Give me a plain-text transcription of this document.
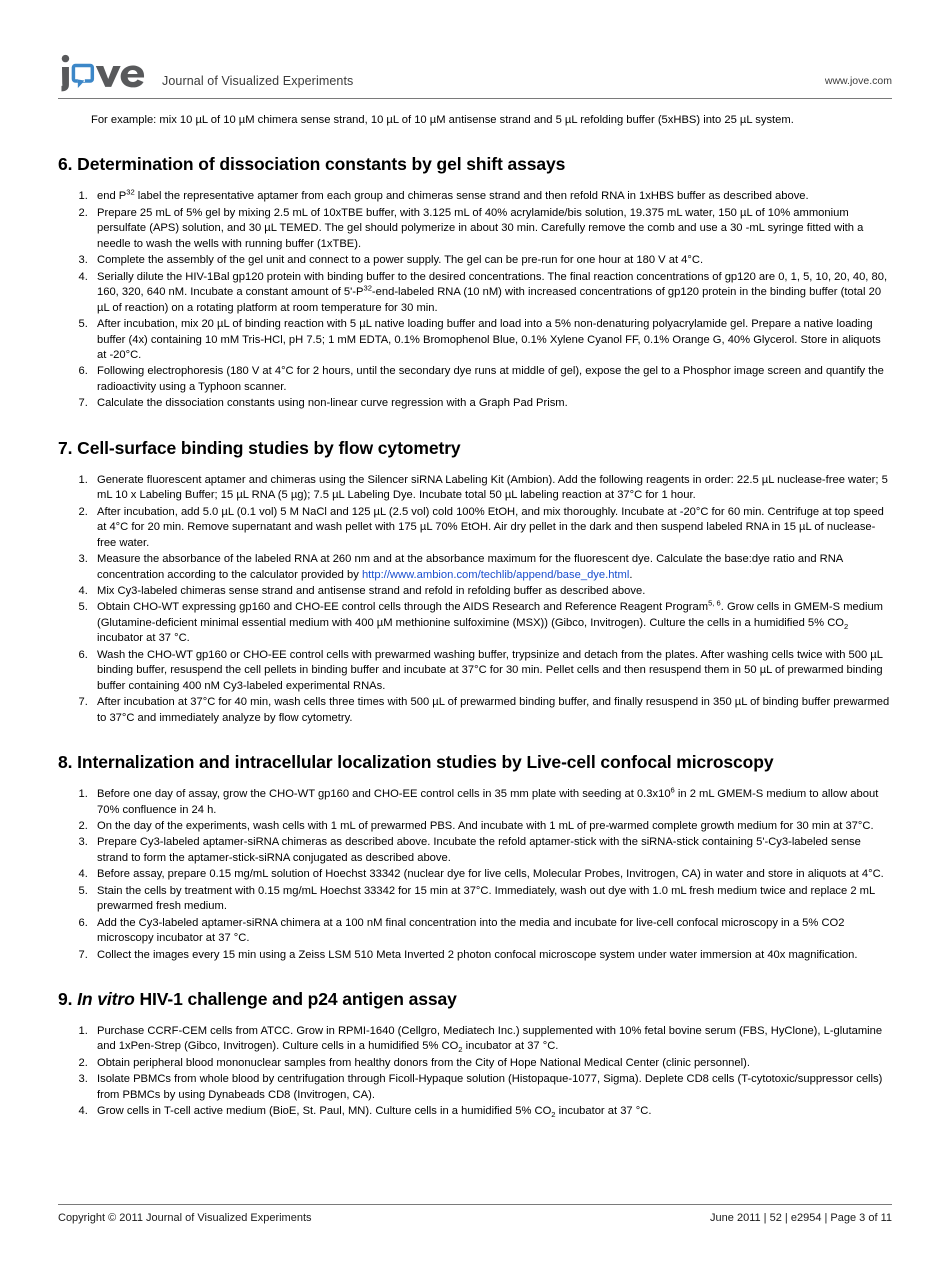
Journal of Visualized Experiments	www.jove.com

For example: mix 10 µL of 10 µM chimera sense strand, 10 µL of 10 µM antisense strand and 5 µL refolding buffer (5xHBS) into 25 µL system.

6. Determination of dissociation constants by gel shift assays
1. end $P^{32}$ label the representative aptamer from each group and chimeras sense strand and then refold RNA in 1xHBS buffer as described above.
2. Prepare 25 mL of 5% gel by mixing 2.5 mL of 10xTBE buffer, with 3.125 mL of 40% acrylamide/bis solution, 19.375 mL water, 150 µL of 10% ammonium persulfate (APS) solution, and 30 µL TEMED. The gel should polymerize in about 30 min. Carefully remove the comb and use a 30 -mL syringe fitted with a needle to wash the wells with running buffer (1xTBE).
3. Complete the assembly of the gel unit and connect to a power supply. The gel can be pre-run for one hour at 180 V at 4°C.
4. Serially dilute the HIV-1Bal gp120 protein with binding buffer to the desired concentrations. The final reaction concentrations of gp120 are 0, 1, 5, 10, 20, 40, 80, 160, 320, 640 nM. Incubate a constant amount of $5'-P^{32}-end$-labeled RNA (10 nM) with increased concentrations of gp120 protein in the binding buffer (total 20 µL of reaction) on a rotating platform at room temperature for 30 min.
5. After incubation, mix 20 µL of binding reaction with 5 µL native loading buffer and load into a 5% non-denaturing polyacrylamide gel. Prepare a native loading buffer (4x) containing 10 mM Tris-HCl, pH 7.5; 1 mM EDTA, 0.1% Bromophenol Blue, 0.1% Xylene Cyanol FF, 0.1% Orange G, 40% Glycerol. Store in aliquots at -20°C.
6. Following electrophoresis (180 V at 4°C for 2 hours, until the secondary dye runs at middle of gel), expose the gel to a Phosphor image screen and quantify the radioactivity using a Typhoon scanner.
7. Calculate the dissociation constants using non-linear curve regression with a Graph Pad Prism.
7. Cell-surface binding studies by flow cytometry
1. Generate fluorescent aptamer and chimeras using the Silencer siRNA Labeling Kit (Ambion). Add the following reagents in order: 22.5 µL nuclease-free water; 5 mL 10 x Labeling Buffer; 15 µL RNA (5 µg); 7.5 µL Labeling Dye. Incubate total 50 µL labeling reaction at 37°C for 1 hour.
2. After incubation, add 5.0 µL (0.1 vol) 5 M NaCl and 125 µL (2.5 vol) cold 100% EtOH, and mix thoroughly. Incubate at -20°C for 60 min. Centrifuge at top speed at 4°C for 20 min. Remove supernatant and wash pellet with 175 µL 70% EtOH. Air dry pellet in the dark and then suspend labeled RNA in 15 µL of nuclease-free water.
3. Measure the absorbance of the labeled RNA at 260 nm and at the absorbance maximum for the fluorescent dye. Calculate the base:dye ratio and RNA concentration according to the calculator provided by http://www.ambion.com/techlib/append/base_dye.html.
4. Mix Cy3-labeled chimeras sense strand and antisense strand and refold in refolding buffer as described above.
5. Obtain CHO-WT expressing gp160 and CHO-EE control cells through the AIDS Research and Reference Reagent Program$^{5, 6}$. Grow cells in GMEM-S medium (Glutamine-deficient minimal essential medium with 400 µM methionine sulfoximine (MSX)) (Gibco, Invitrogen). Culture the cells in a humidified 5% $CO_2$ incubator at 37 °C.
6. Wash the CHO-WT gp160 or CHO-EE control cells with prewarmed washing buffer, trypsinize and detach from the plates. After washing cells twice with 500 µL binding buffer, resuspend the cell pellets in binding buffer and incubate at 37°C for 30 min. Pellet cells and then resuspend them in 50 µL of prewarmed binding buffer containing 400 nM Cy3-labeled experimental RNAs.
7. After incubation at 37°C for 40 min, wash cells three times with 500 µL of prewarmed binding buffer, and finally resuspend in 350 µL of binding buffer prewarmed to 37°C and immediately analyze by flow cytometry.
8. Internalization and intracellular localization studies by Live-cell confocal microscopy
1. Before one day of assay, grow the CHO-WT gp160 and CHO-EE control cells in 35 mm plate with seeding at $0.3x10^6$ in 2 mL GMEM-S medium to allow about 70% confluence in 24 h.
2. On the day of the experiments, wash cells with 1 mL of prewarmed PBS. And incubate with 1 mL of pre-warmed complete growth medium for 30 min at 37°C.
3. Prepare Cy3-labeled aptamer-siRNA chimeras as described above. Incubate the refold aptamer-stick with the siRNA-stick containing 5'-Cy3-labeled sense strand to form the aptamer-stick-siRNA conjugated as described above.
4. Before assay, prepare 0.15 mg/mL solution of Hoechst 33342 (nuclear dye for live cells, Molecular Probes, Invitrogen, CA) in water and store in aliquots at 4°C.
5. Stain the cells by treatment with 0.15 mg/mL Hoechst 33342 for 15 min at 37°C. Immediately, wash out dye with 1.0 mL fresh medium twice and replace 2 mL prewarmed fresh medium.
6. Add the Cy3-labeled aptamer-siRNA chimera at a 100 nM final concentration into the media and incubate for live-cell confocal microscopy in a 5% CO2 microscopy incubator at 37 °C.
7. Collect the images every 15 min using a Zeiss LSM 510 Meta Inverted 2 photon confocal microscope system under water immersion at 40x magnification.
9. In vitro HIV-1 challenge and p24 antigen assay
1. Purchase CCRF-CEM cells from ATCC. Grow in RPMI-1640 (Cellgro, Mediatech Inc.) supplemented with 10% fetal bovine serum (FBS, HyClone), L-glutamine and 1xPen-Strep (Gibco, Invitrogen). Culture cells in a humidified 5% $CO_2$ incubator at 37 °C.
2. Obtain peripheral blood mononuclear samples from healthy donors from the City of Hope National Medical Center (clinic personnel).
3. Isolate PBMCs from whole blood by centrifugation through Ficoll-Hypaque solution (Histopaque-1077, Sigma). Deplete CD8 cells (T-cytotoxic/suppressor cells) from PBMCs by using Dynabeads CD8 (Invitrogen, CA).
4. Grow cells in T-cell active medium (BioE, St. Paul, MN). Culture cells in a humidified 5% $CO_2$ incubator at 37 °C.
Copyright © 2011 Journal of Visualized Experiments	June 2011 | 52 | e2954 | Page 3 of 11
